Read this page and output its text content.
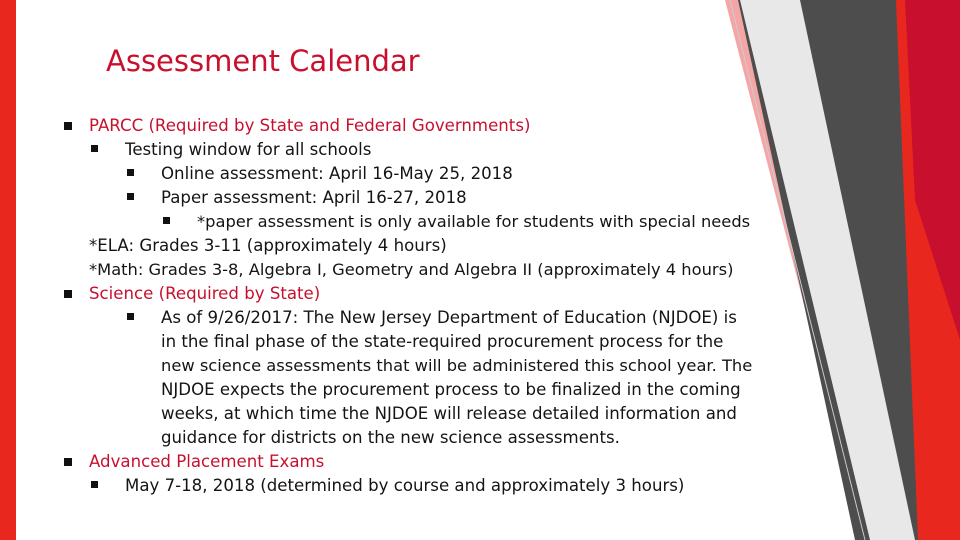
Assessment Calendar
PARCC (Required by State and Federal Governments)
Testing window for all schools
Online assessment: April 16-May 25, 2018
Paper assessment: April 16-27, 2018
*paper assessment is only available for students with special needs
*ELA: Grades 3-11 (approximately 4 hours)
*Math: Grades 3-8, Algebra I, Geometry and Algebra II (approximately 4 hours)
Science (Required by State)
As of 9/26/2017: The New Jersey Department of Education (NJDOE) is
in the final phase of the state-required procurement process for the
new science assessments that will be administered this school year. The
NJDOE expects the procurement process to be finalized in the coming
weeks, at which time the NJDOE will release detailed information and
guidance for districts on the new science assessments.
Advanced Placement Exams
May 7-18, 2018 (determined by course and approximately 3 hours)
